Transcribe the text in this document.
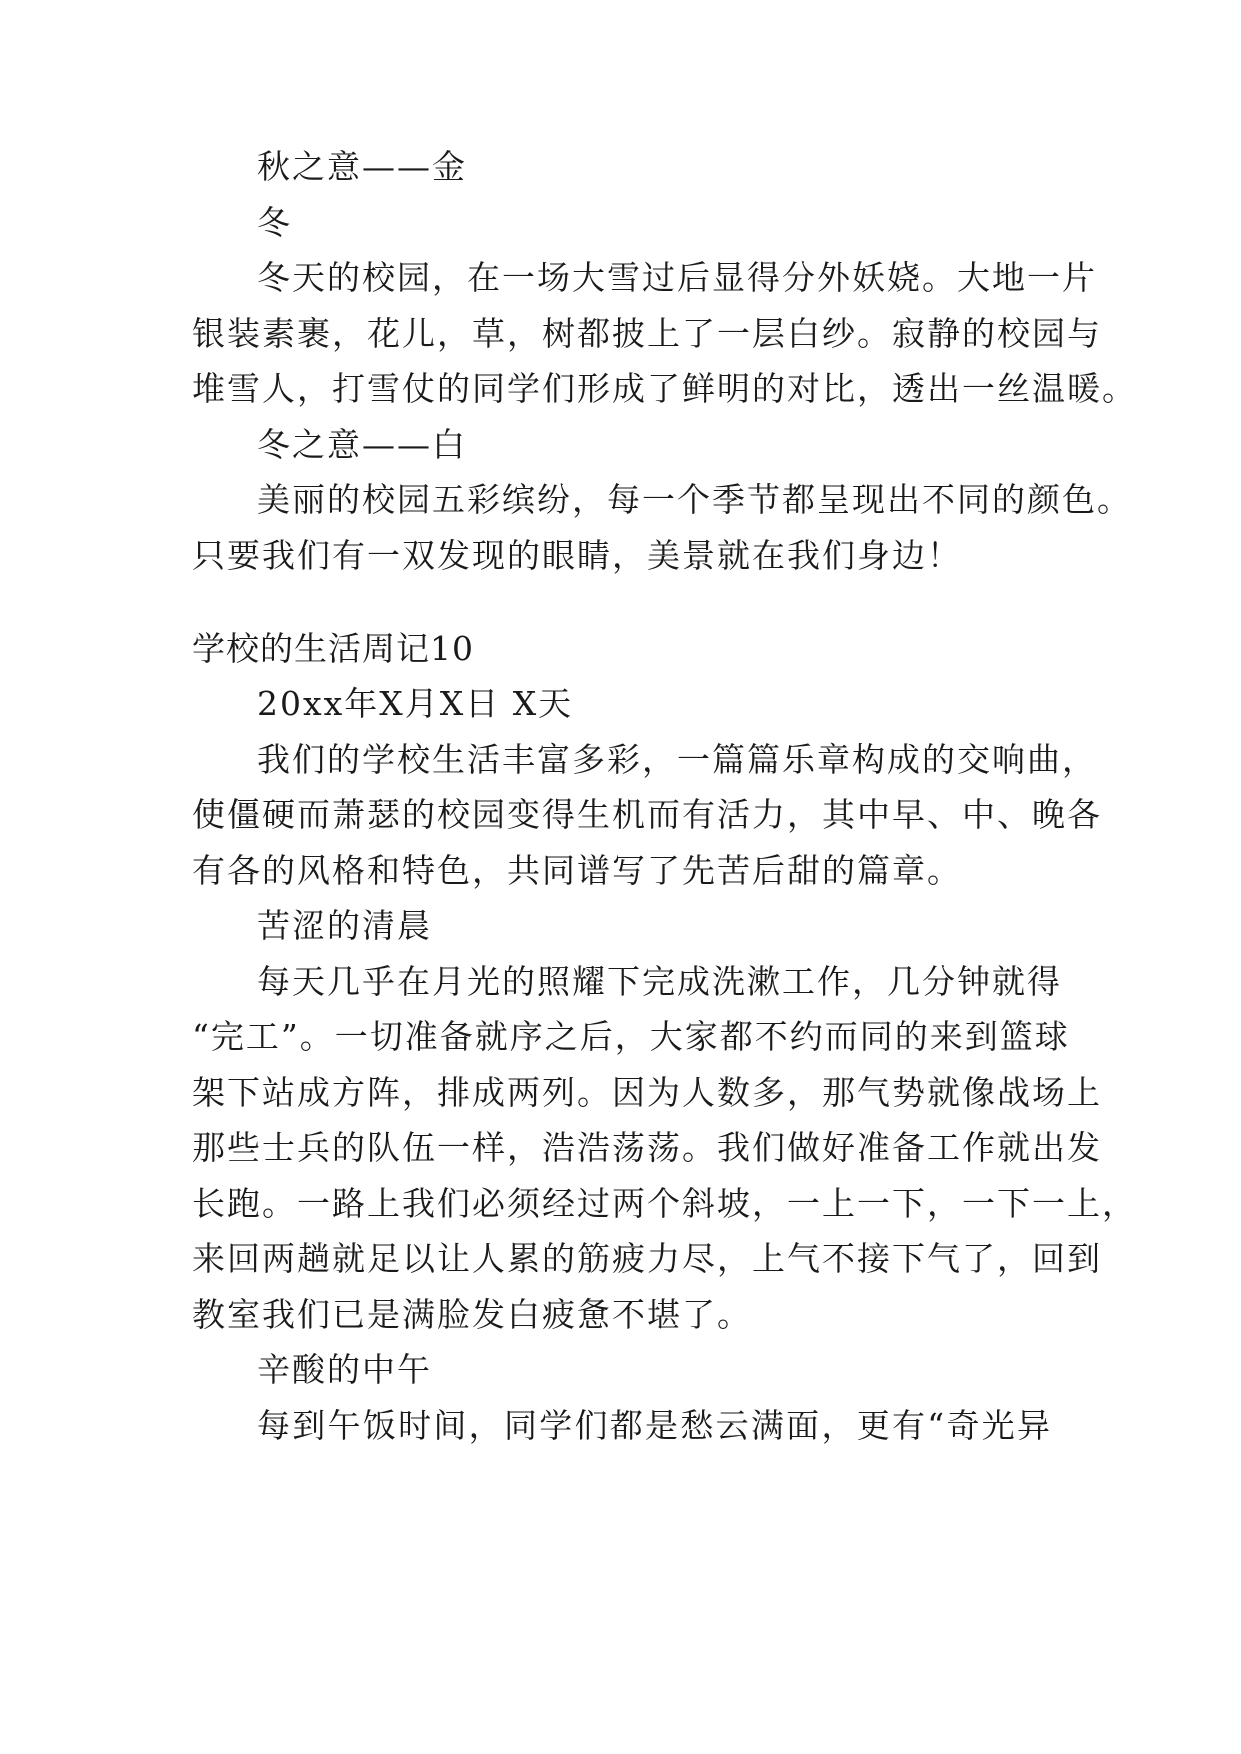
秋之意——金
冬
冬天的校园，在一场大雪过后显得分外妖娆。大地一片
银装素裹，花儿，草，树都披上了一层白纱。寂静的校园与
堆雪人，打雪仗的同学们形成了鲜明的对比，透出一丝温暖。
冬之意——白
美丽的校园五彩缤纷，每一个季节都呈现出不同的颜色。
只要我们有一双发现的眼睛，美景就在我们身边！
学校的生活周记10
20xx年X月X日 X天
我们的学校生活丰富多彩，一篇篇乐章构成的交响曲，
使僵硬而萧瑟的校园变得生机而有活力，其中早、中、晚各
有各的风格和特色，共同谱写了先苦后甜的篇章。
苦涩的清晨
每天几乎在月光的照耀下完成洗漱工作，几分钟就得
“完工”。一切准备就序之后，大家都不约而同的来到篮球
架下站成方阵，排成两列。因为人数多，那气势就像战场上
那些士兵的队伍一样，浩浩荡荡。我们做好准备工作就出发
长跑。一路上我们必须经过两个斜坡，一上一下，一下一上，
来回两趟就足以让人累的筋疲力尽，上气不接下气了，回到
教室我们已是满脸发白疲惫不堪了。
辛酸的中午
每到午饭时间，同学们都是愁云满面，更有“奇光异
